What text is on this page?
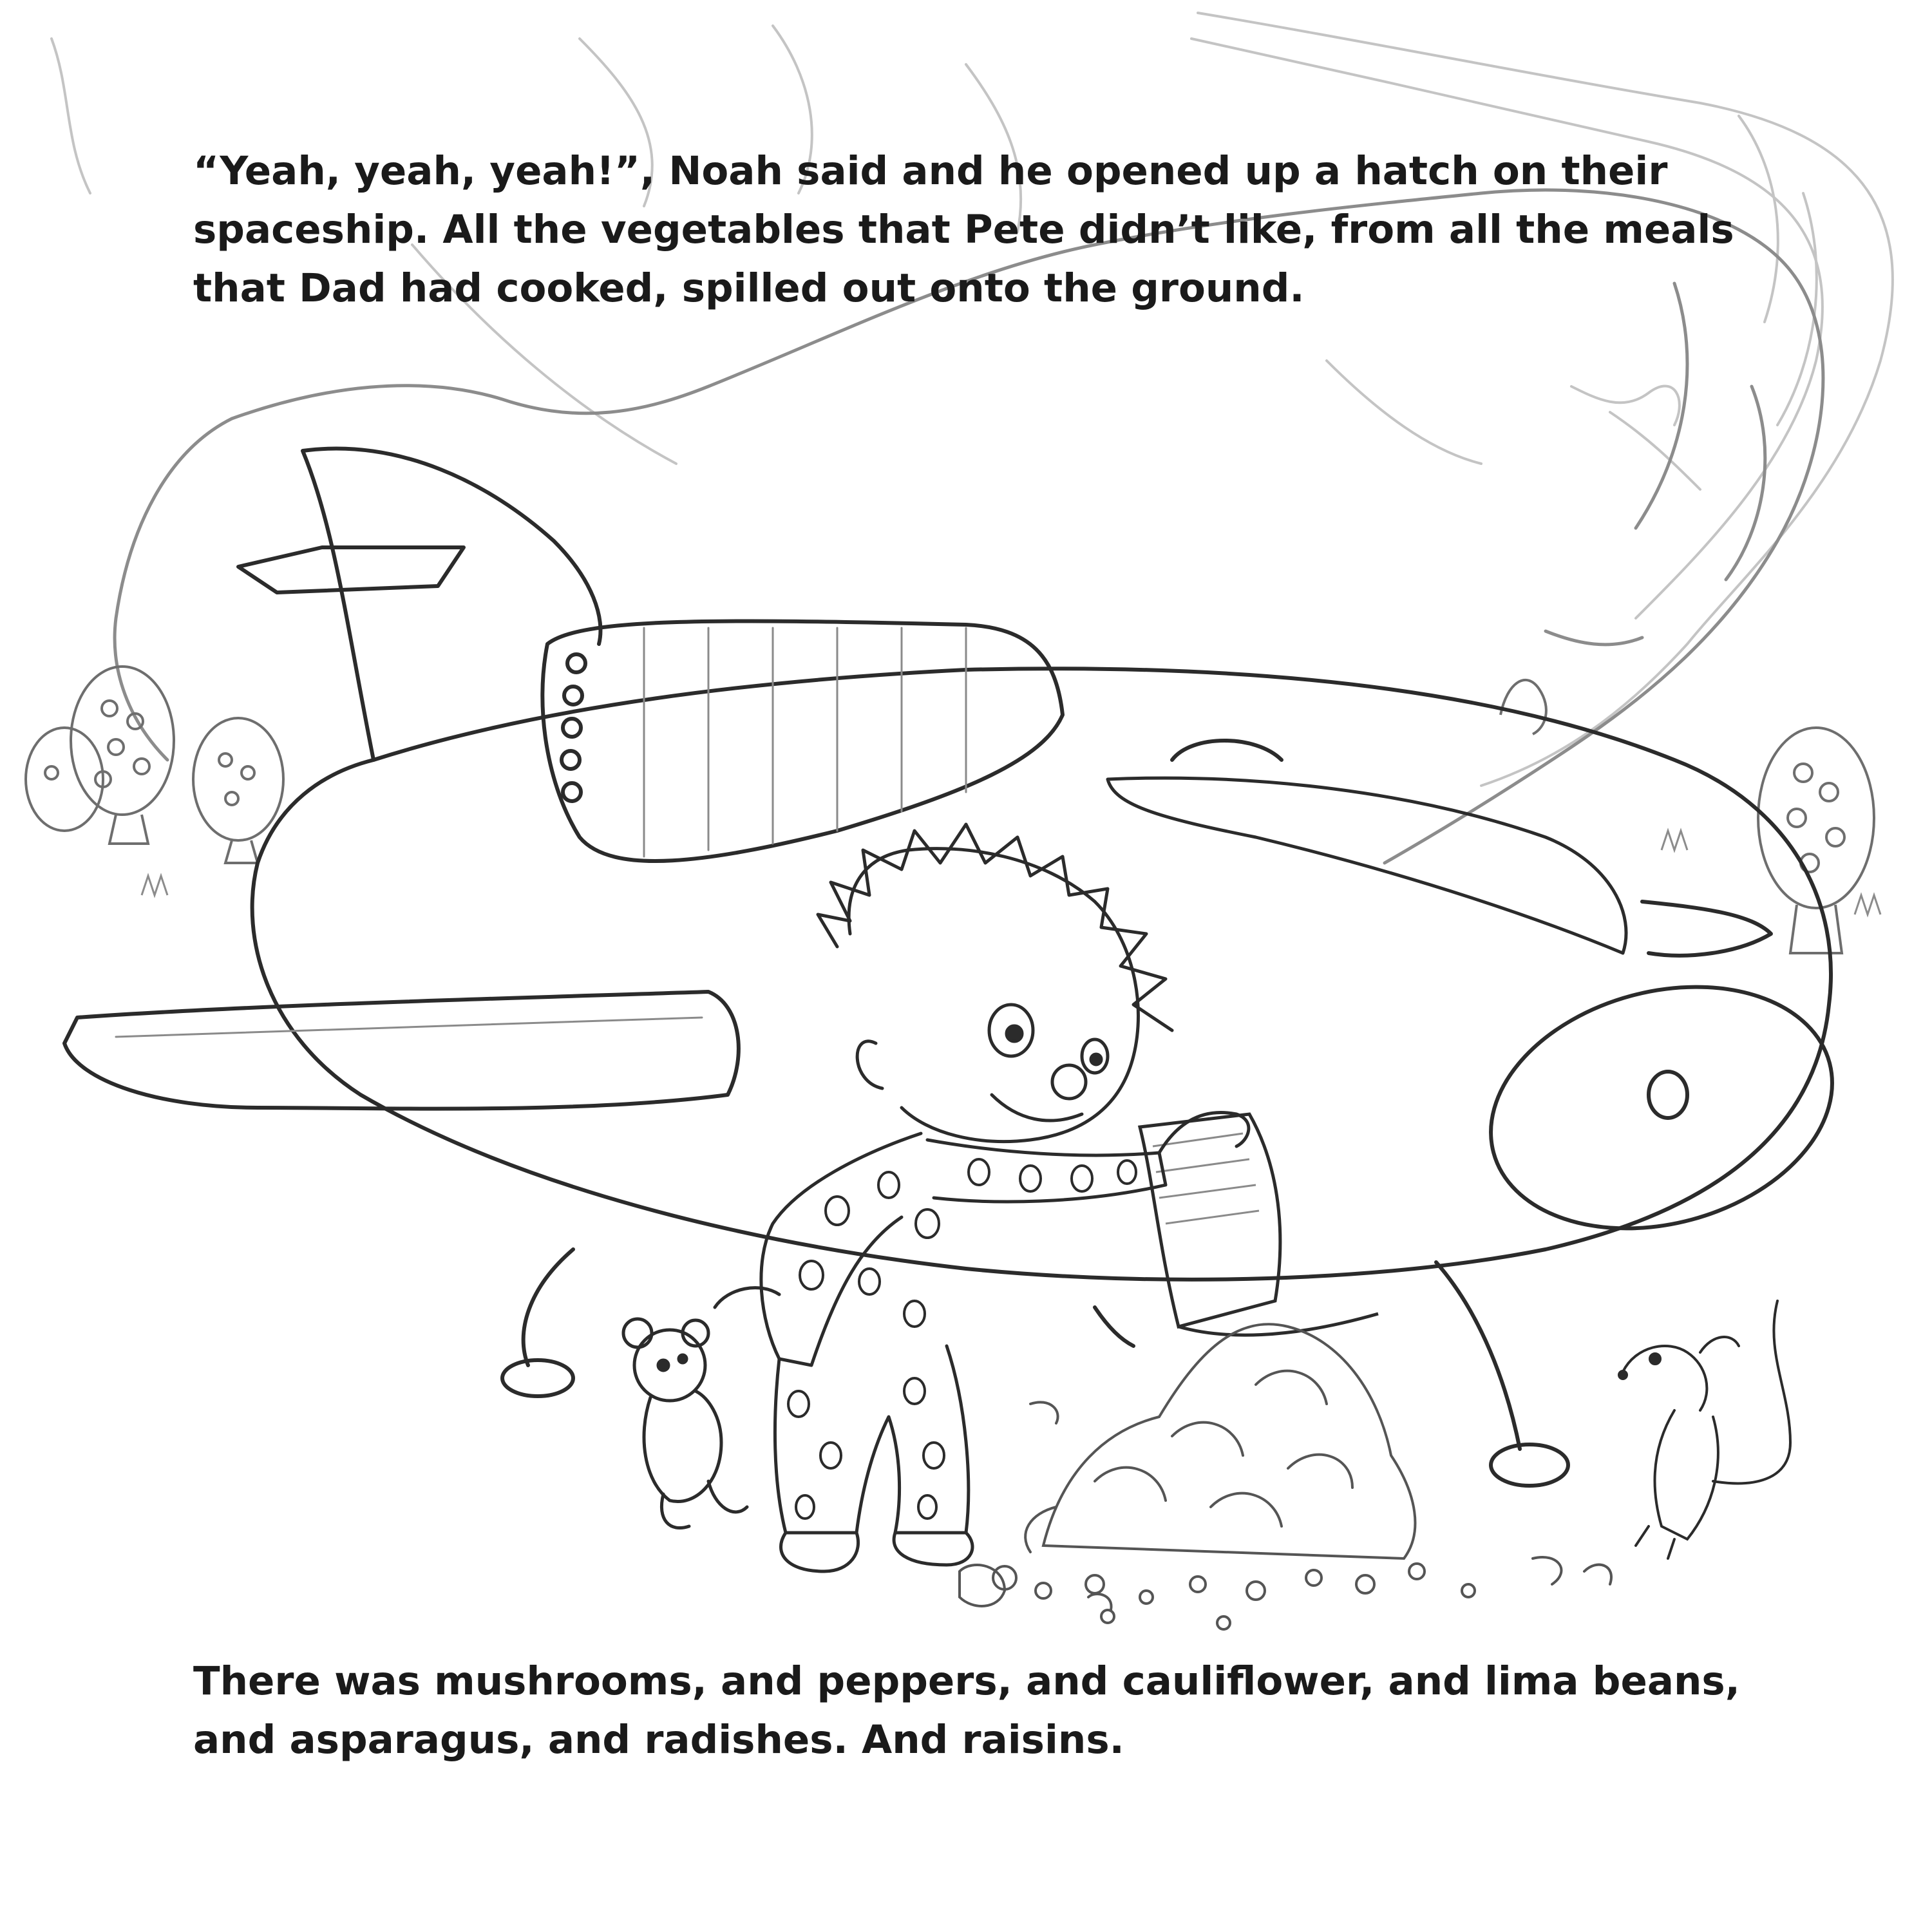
“Yeah, yeah, yeah!”, Noah said and he opened up a hatch on their spaceship. All the vegetables that Pete didn’t like, from all the meals that Dad had cooked, spilled out onto the ground.

There was mushrooms, and peppers, and cauliflower, and lima beans, and asparagus, and radishes. And raisins.
